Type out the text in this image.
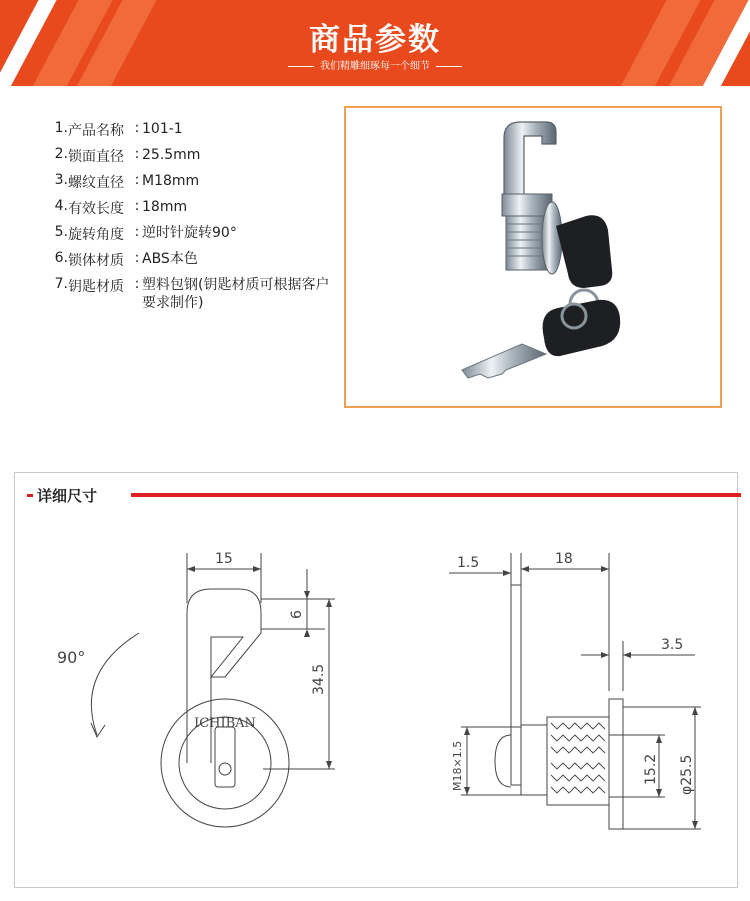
商品参数
我们精雕细琢每一个细节
1. 产品名称 : 101-1
2. 锁面直径 : 25.5mm
3. 螺纹直径 : M18mm
4. 有效长度 : 18mm
5. 旋转角度 : 逆时针旋转90°
6. 锁体材质 : ABS本色
7. 钥匙材质 : 塑料包钢(钥匙材质可根据客户要求制作)
详细尺寸
15
6
34.5
90°
ICHIBAN
1.5	18
3.5
M18×1.5	15.2 φ25.5
